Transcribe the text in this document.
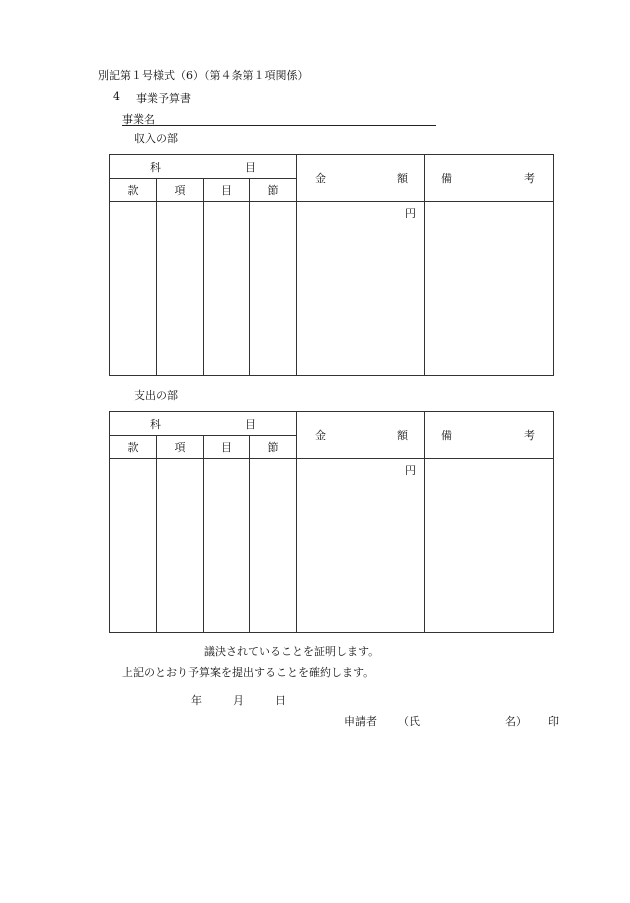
別記第１号様式（6）（第４条第１項関係）
4 事業予算書
事業名
収入の部
科 目				金 額	備 考

款	項	目	節		
				円	
支出の部
科 目				金 額	備 考

款	項	目	節		
				円	
議決されていることを証明します。
上記のとおり予算案を提出することを確約します。
年	月	日
申請者 （氏	名） 印
